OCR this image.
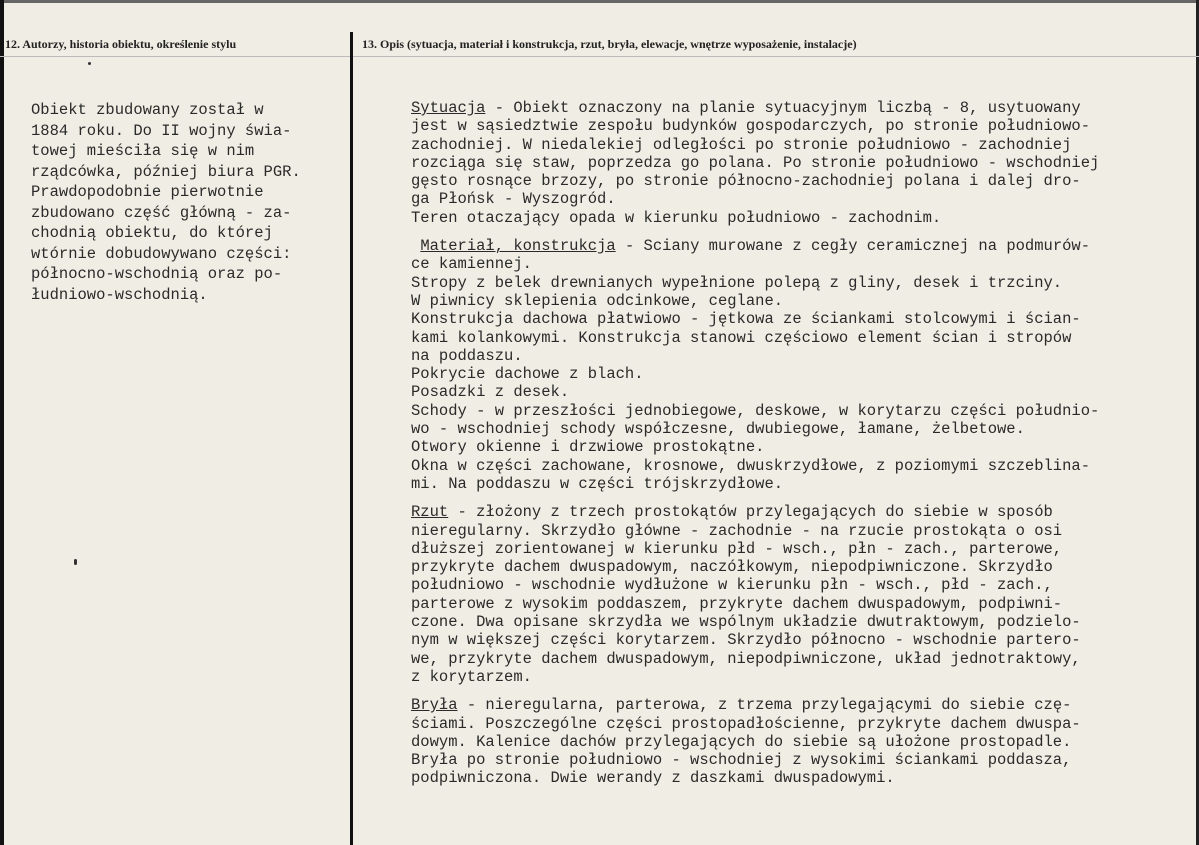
12. Autorzy, historia obiektu, określenie stylu	13. Opis (sytuacja, materiał i konstrukcja, rzut, bryła, elewacje, wnętrze wyposażenie, instalacje)
Obiekt zbudowany został w
1884 roku. Do II wojny świa-
towej mieściła się w nim
rządcówka, później biura PGR.
Prawdopodobnie pierwotnie
zbudowano część główną - za-
chodnią obiektu, do której
wtórnie dobudowywano części:
północno-wschodnią oraz po-
łudniowo-wschodnią.
Sytuacja - Obiekt oznaczony na planie sytuacyjnym liczbą - 8, usytuowany
jest w sąsiedztwie zespołu budynków gospodarczych, po stronie południowo-
zachodniej. W niedalekiej odległości po stronie południowo - zachodniej
rozciąga się staw, poprzedza go polana. Po stronie południowo - wschodniej
gęsto rosnące brzozy, po stronie północno-zachodniej polana i dalej dro-
ga Płońsk - Wyszogród.
Teren otaczający opada w kierunku południowo - zachodnim.
Materiał, konstrukcja - Sciany murowane z cegły ceramicznej na podmurów-
ce kamiennej.
Stropy z belek drewnianych wypełnione polepą z gliny, desek i trzciny.
W piwnicy sklepienia odcinkowe, ceglane.
Konstrukcja dachowa płatwiowo - jętkowa ze ściankami stolcowymi i ścian-
kami kolankowymi. Konstrukcja stanowi częściowo element ścian i stropów
na poddaszu.
Pokrycie dachowe z blach.
Posadzki z desek.
Schody - w przeszłości jednobiegowe, deskowe, w korytarzu części południo-
wo - wschodniej schody współczesne, dwubiegowe, łamane, żelbetowe.
Otwory okienne i drzwiowe prostokątne.
Okna w części zachowane, krosnowe, dwuskrzydłowe, z poziomymi szczeblina-
mi. Na poddaszu w części trójskrzydłowe.
Rzut - złożony z trzech prostokątów przylegających do siebie w sposób
nieregularny. Skrzydło główne - zachodnie - na rzucie prostokąta o osi
dłuższej zorientowanej w kierunku płd - wsch., płn - zach., parterowe,
przykryte dachem dwuspadowym, naczółkowym, niepodpiwniczone. Skrzydło
południowo - wschodnie wydłużone w kierunku płn - wsch., płd - zach.,
parterowe z wysokim poddaszem, przykryte dachem dwuspadowym, podpiwni-
czone. Dwa opisane skrzydła we wspólnym układzie dwutraktowym, podzielo-
nym w większej części korytarzem. Skrzydło północno - wschodnie partero-
we, przykryte dachem dwuspadowym, niepodpiwniczone, układ jednotraktowy,
z korytarzem.
Bryła - nieregularna, parterowa, z trzema przylegającymi do siebie czę-
ściami. Poszczególne części prostopadłościenne, przykryte dachem dwuspa-
dowym. Kalenice dachów przylegających do siebie są ułożone prostopadle.
Bryła po stronie południowo - wschodniej z wysokimi ściankami poddasza,
podpiwniczona. Dwie werandy z daszkami dwuspadowymi.
